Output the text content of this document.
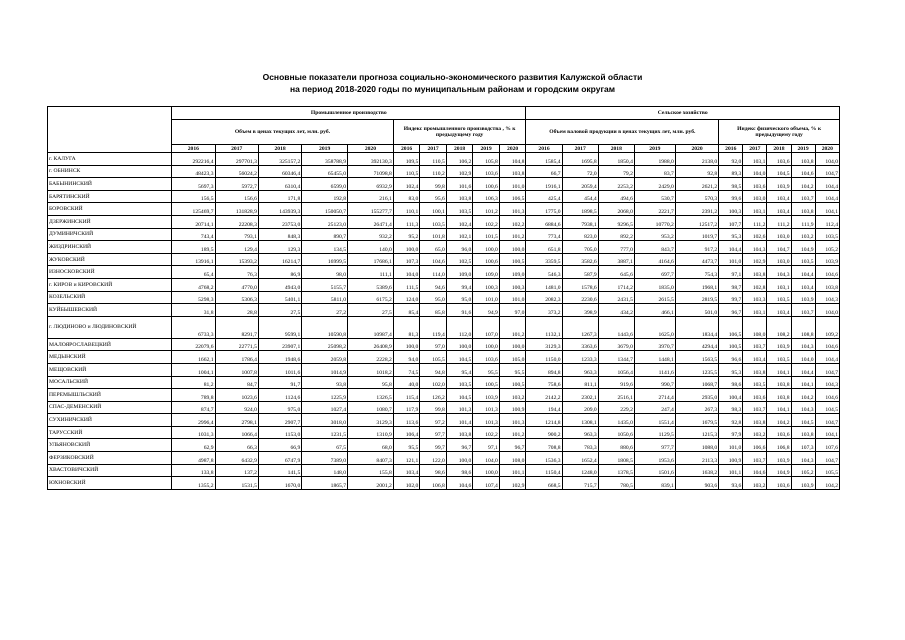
Основные показатели прогноза социально-экономического развития Калужской области
на период 2018-2020 годы по муниципальным районам и городским округам
	Промышленное производство										Сельское хозяйство									
	Объем в ценах текущих лет, млн. руб.					Индекс промышленного производства , % к предыдущему году					Объем валовой продукции в ценах текущих лет, млн. руб.					Индекс физического объема, % к предыдущему году				
	2016	2017	2018	2019	2020	2016	2017	2018	2019	2020	2016	2017	2018	2019	2020	2016	2017	2018	2019	2020
г. КАЛУГА	292216,4	297701,3	325157,2	358788,9	392130,3	109,5	110,5	106,2	105,8	104,8	1585,4	1695,8	1850,4	1988,0	2138,0	92,0	103,1	103,6	103,8	104,0
г. ОБНИНСК	48423,3	56024,2	60346,4	65455,0	71098,8	110,5	110,2	102,9	103,6	103,8	66,7	72,0	79,2	83,7	92,8	89,3	104,0	104,5	104,6	104,7
БАБЫНИНСКИЙ	5697,3	5972,7	6310,4	6599,0	6932,9	102,4	99,8	101,6	100,6	101,0	1916,1	2059,4	2253,2	2429,0	2621,2	98,5	103,6	103,9	104,2	104,4
БАРЯТИНСКИЙ	156,5	156,6	171,8	192,8	216,1	83,0	95,6	103,8	106,3	106,5	425,4	454,4	494,6	530,7	570,3	99,6	103,0	103,4	103,7	104,4
БОРОВСКИЙ	125469,7	131828,9	143939,3	150050,7	155277,7	110,1	100,1	103,5	101,2	101,3	1775,0	1898,5	2068,0	2221,7	2391,2	100,3	103,1	103,4	103,8	104,1
ДЗЕРЖИНСКИЙ	20714,1	22208,3	23753,0	25123,0	26471,4	111,3	103,5	102,4	102,2	102,2	6884,6	7938,1	9296,5	10770,2	12517,2	107,7	111,2	111,2	111,9	112,4
ДУМИНИЧСКИЙ	743,4	793,1	848,3	890,7	932,2	95,2	101,8	102,1	101,5	101,2	773,4	823,0	892,2	953,2	1019,7	95,3	102,6	103,0	103,2	103,5
ЖИЗДРИНСКИЙ	189,5	129,4	129,3	134,5	140,0	100,0	65,0	96,0	100,0	100,0	651,8	705,0	777,0	843,7	917,2	104,4	104,3	104,7	104,9	105,2
ЖУКОВСКИЙ	13916,1	15393,2	16214,7	16999,5	17686,1	107,3	104,6	102,5	100,6	100,5	3359,5	3582,6	3887,1	4164,6	4473,7	101,0	102,9	103,0	103,5	103,9
ИЗНОСКОВСКИЙ	65,4	76,3	86,9	98,0	111,1	104,0	114,0	109,0	109,0	109,0	546,3	587,9	645,6	697,7	754,3	97,1	103,8	104,3	104,4	104,6
г. КИРОВ и КИРОВСКИЙ	4768,2	4770,0	4943,0	5155,7	5389,6	111,5	94,6	99,4	100,3	100,3	1481,0	1578,6	1714,2	1835,0	1968,1	98,7	102,8	103,1	103,4	103,8
КОЗЕЛЬСКИЙ	5298,3	5306,3	5401,1	5811,0	6175,2	124,0	95,0	95,0	101,0	101,0	2082,3	2230,6	2431,5	2615,5	2819,5	99,7	103,3	103,5	103,9	104,3
КУЙБЫШЕВСКИЙ	31,8	28,8	27,5	27,2	27,5	85,4	85,8	91,6	94,9	97,0	373,2	398,9	434,2	466,1	501,0	96,7	103,1	103,4	103,7	104,0
г. ЛЮДИНОВО и ЛЮДИНОВСКИЙ	6733,3	8291,7	9599,1	10590,8	10987,4	81,3	119,4	112,0	107,0	101,2	1132,1	1267,3	1443,6	1625,0	1834,4	106,5	108,0	108,2	108,8	109,2
МАЛОЯРОСЛАВЕЦКИЙ	22079,6	22771,5	23907,1	25098,2	26408,9	100,0	97,0	100,0	100,0	100,0	3129,3	3363,6	3679,0	3970,7	4294,4	100,5	103,7	103,9	104,3	104,6
МЕДЫНСКИЙ	1662,1	1786,4	1948,6	2059,8	2228,2	94,0	105,5	104,5	103,6	105,0	1150,0	1233,3	1344,7	1448,1	1563,5	96,6	103,4	103,5	104,0	104,4
МЕЩОВСКИЙ	1004,1	1007,8	1011,6	1014,9	1018,2	74,5	94,8	95,4	95,5	95,5	894,8	963,3	1056,4	1141,6	1235,5	95,3	103,8	104,1	104,4	104,7
МОСАЛЬСКИЙ	81,2	84,7	91,7	93,8	95,8	40,0	102,0	103,5	100,5	100,5	758,6	811,1	919,6	990,7	1068,7	98,6	103,5	103,8	104,1	104,3
ПЕРЕМЫШЛЬСКИЙ	789,8	1023,6	1124,6	1225,9	1326,5	115,4	126,2	104,5	103,9	103,2	2142,2	2302,1	2516,1	2714,4	2935,0	100,4	103,6	103,8	104,2	104,6
СПАС-ДЕМЕНСКИЙ	874,7	924,0	975,0	1027,4	1080,7	117,9	99,8	101,3	101,3	100,9	194,4	209,0	229,2	247,4	267,3	98,3	103,7	104,1	104,3	104,5
СУХИНИЧСКИЙ	2996,4	2798,1	2907,7	3018,0	3129,3	113,6	97,2	101,4	101,3	101,3	1214,8	1308,1	1435,0	1551,4	1679,5	92,8	103,8	104,2	104,5	104,7
ТАРУССКИЙ	1031,3	1066,4	1153,0	1231,5	1310,9	106,4	97,7	103,8	102,2	101,2	900,2	963,3	1050,6	1129,5	1215,3	97,9	103,2	103,6	103,8	104,1
УЛЬЯНОВСКИЙ	62,9	66,3	66,9	67,5	68,0	95,5	99,7	96,7	97,1	96,7	708,8	783,3	880,6	977,7	1088,0	101,0	106,6	106,8	107,3	107,6
ФЕРЗИКОВСКИЙ	4987,8	6432,9	6747,9	7389,0	8407,3	121,1	122,0	100,0	104,0	108,0	1536,3	1652,4	1808,5	1953,6	2113,3	100,9	103,7	103,9	104,3	104,7
ХВАСТОВИЧСКИЙ	133,8	137,2	141,5	148,0	155,8	103,4	98,6	98,6	100,0	101,1	1150,4	1248,0	1378,5	1501,6	1638,2	101,1	104,6	104,9	105,2	105,5
ЮХНОВСКИЙ	1355,2	1531,5	1670,0	1865,7	2001,2	102,0	106,8	104,6	107,4	102,9	668,5	715,7	780,5	839,1	903,6	93,6	103,2	103,6	103,9	104,2
